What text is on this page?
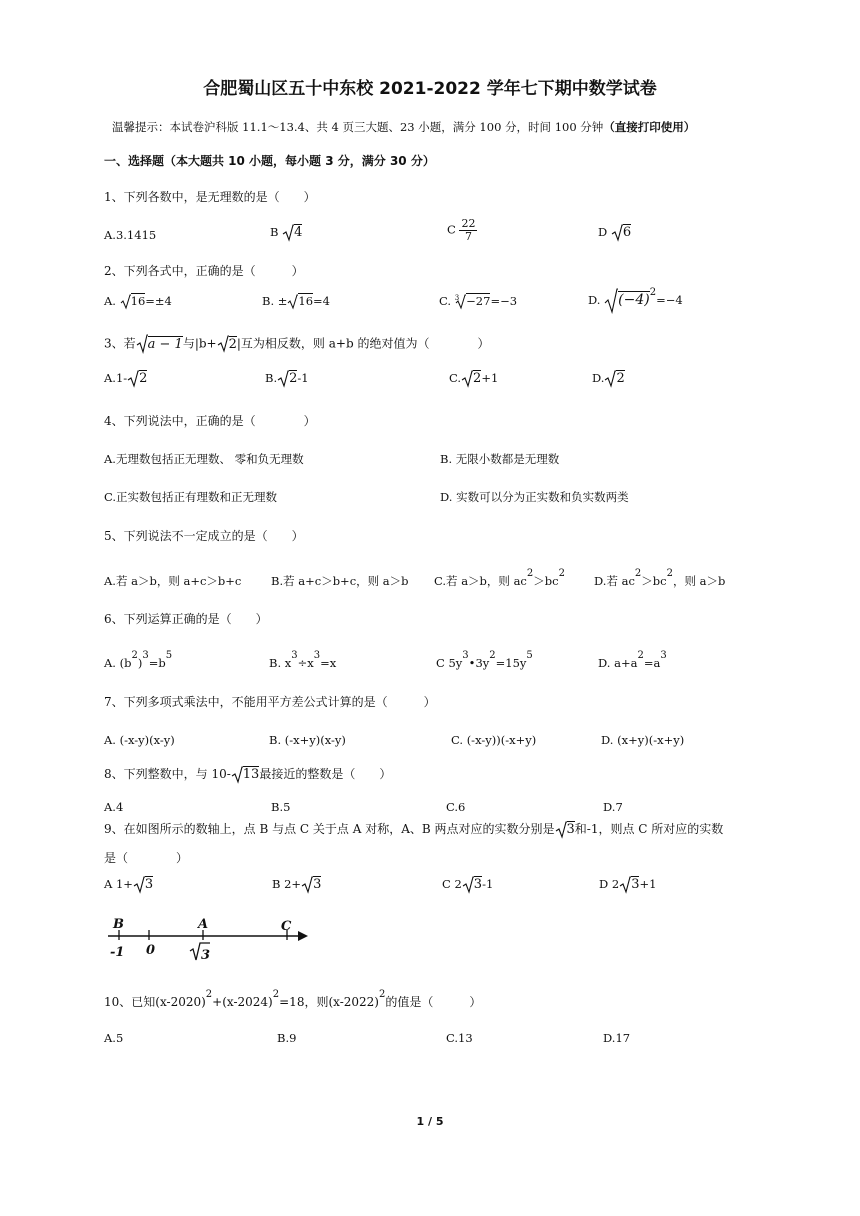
合肥蜀山区五十中东校 2021-2022 学年七下期中数学试卷
温馨提示：本试卷沪科版 11.1～13.4、共 4 页三大题、23 小题，满分 100 分，时间 100 分钟（直接打印使用）
一、选择题（本大题共 10 小题，每小题 3 分，满分 30 分）
1、下列各数中，是无理数的是（　　）
A.3.1415	B 4	C $\frac{22}{7}$	D 6
2、下列各式中，正确的是（　　　）
A. 16=±4	B. ± 16=4	C. $^3$ −27=−3	D. (−4)2=−4
3、若 a − 1与|b+ 2|互为相反数，则 a+b 的绝对值为（　　　　）
A.1- 2	B. 2-1	C. 2+1	D. 2
4、下列说法中，正确的是（　　　　）
A.无理数包括正无理数、 零和负无理数	B. 无限小数都是无理数
C.正实数包括正有理数和正无理数	D. 实数可以分为正实数和负实数两类
5、下列说法不一定成立的是（　　）
A.若 a＞b，则 a+c＞b+c	B.若 a+c＞b+c，则 a＞b C.若 a＞b，则 ac2＞bc2
D.若 ac2＞bc2，则 a＞b
6、下列运算正确的是（　　）
A. (b2)3=b5
B. x3÷x3=x	C 5y3•3y2=15y5
D. a+a2=a3
7、下列多项式乘法中，不能用平方差公式计算的是（　　　）
A. (-x-y)(x-y)	B. (-x+y)(x-y)	C. (-x-y))(-x+y)	D. (x+y)(-x+y)
8、下列整数中，与 10- 13最接近的整数是（　　）
A.4	B.5	C.6	D.7
9、在如图所示的数轴上，点 B 与点 C 关于点 A 对称，A、B 两点对应的实数分别是 3和-1，则点 C 所对应的实数
是（　　　　）
A 1+ 3	B 2+ 3	C 2 3-1	D 2 3+1
B	A	C
-1 0	3
10、已知$(x-2020)^2+(x-2024)^2=18$，则$(x-2022)^2$的值是（　　　）
A.5	B.9	C.13	D.17
1 / 5
